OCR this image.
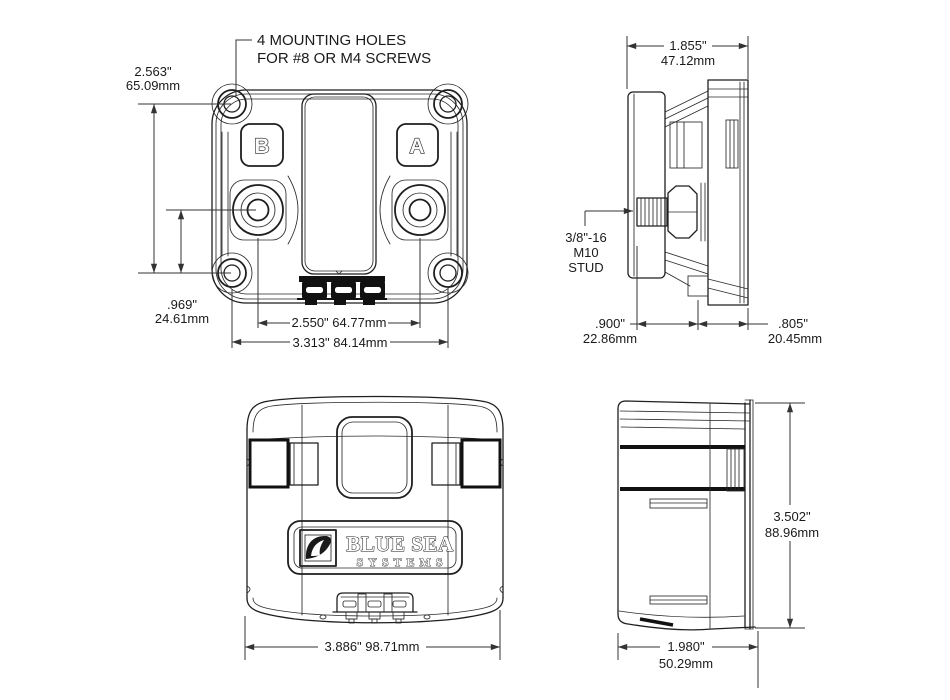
B	A
4 MOUNTING HOLES
FOR #8 OR M4 SCREWS
2.563"
65.09mm
.969"
24.61mm	2.550" 64.77mm
3.313" 84.14mm
1.855"
47.12mm
3/8"-16
M10
STUD
.900"
22.86mm
.805"
20.45mm
BLUE SEA
SYSTEMS
3.886" 98.71mm
3.502"
88.96mm
1.980"
50.29mm
